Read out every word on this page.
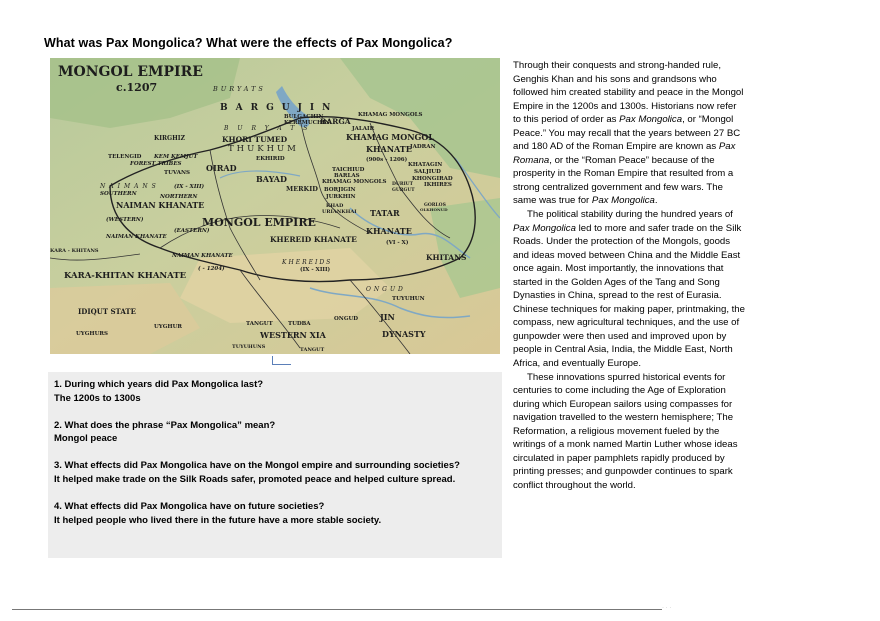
What was Pax Mongolica? What were the effects of Pax Mongolica?
MONGOL EMPIRE
c.1207	BURYATS
BARGUJIN
BULGACHIN
KEREMUCHIN
BARGA
KHAMAG MONGOLS
BURYATS	JALAIR
KIRGHIZ	KHORI TUMED
THUKHUM
KHAMAG MONGOL
KHANATE
(900s - 1206)
JADRAN
TELENGID
FOREST TRIBES
KEM KEMJUT	EKHIRID
TUVANS OIRAD	TAICHIUD
BARLAS
KHAMAG MONGOLS
KHATAGIN
SALJIUD
KHONGIRAD
IKHIRES
DURIUT
GURGUT
BAYAD
MERKID BORJIGIN
JURKHIN
NAIMANS	(IX - XIII)
SOUTHERN	NORTHERN
NAIMAN KHANATE	KHAD
URIANKHAI TATAR
GORLOS
OLKHONUD
(WESTERN)	MONGOL EMPIRE
(EASTERN)
NAIMAN KHANATE	KHEREID KHANATE
KHANATE
(VI - X)
KARA - KHITANS
NAIMAN KHANATE
( - 1204)
KHEREIDS
(IX - XIII)
KHITANS
KARA-KHITAN KHANATE
ONGUD
TUYUHUN
IDIQUT STATE
ONGUD	JIN
UYGHUR	TANGUT	TUDBA
UYGHURS	WESTERN XIA	DYNASTY
TUYUHUNS	TANGUT
1. During which years did Pax Mongolica last?
The 1200s to 1300s
2. What does the phrase “Pax Mongolica” mean?
Mongol peace
3. What effects did Pax Mongolica have on the Mongol empire and surrounding societies?
It helped make trade on the Silk Roads safer, promoted peace and helped culture spread.
4. What effects did Pax Mongolica have on future societies?
It helped people who lived there in the future have a more stable society.

Through their conquests and strong-handed rule, Genghis Khan and his sons and grandsons who followed him created stability and peace in the Mongol Empire in the 1200s and 1300s. Historians now refer to this period of order as Pax Mongolica, or “Mongol Peace.” You may recall that the years between 27 BC and 180 AD of the Roman Empire are known as Pax Romana, or the “Roman Peace” because of the prosperity in the Roman Empire that resulted from a strong centralized government and few wars. The same was true for Pax Mongolica.

The political stability during the hundred years of Pax Mongolica led to more and safer trade on the Silk Roads. Under the protection of the Mongols, goods and ideas moved between China and the Middle East once again. Most importantly, the innovations that started in the Golden Ages of the Tang and Song Dynasties in China, spread to the rest of Eurasia. Chinese techniques for making paper, printmaking, the compass, new agricultural techniques, and the use of gunpowder were then used and improved upon by people in Central Asia, India, the Middle East, North Africa, and eventually Europe.

These innovations spurred historical events for centuries to come including the Age of Exploration during which European sailors using compasses for navigation travelled to the western hemisphere; The Reformation, a religious movement fueled by the writings of a monk named Martin Luther whose ideas circulated in paper pamphlets rapidly produced by printing presses; and gunpowder continues to spark conflict throughout the world.

· · ·
